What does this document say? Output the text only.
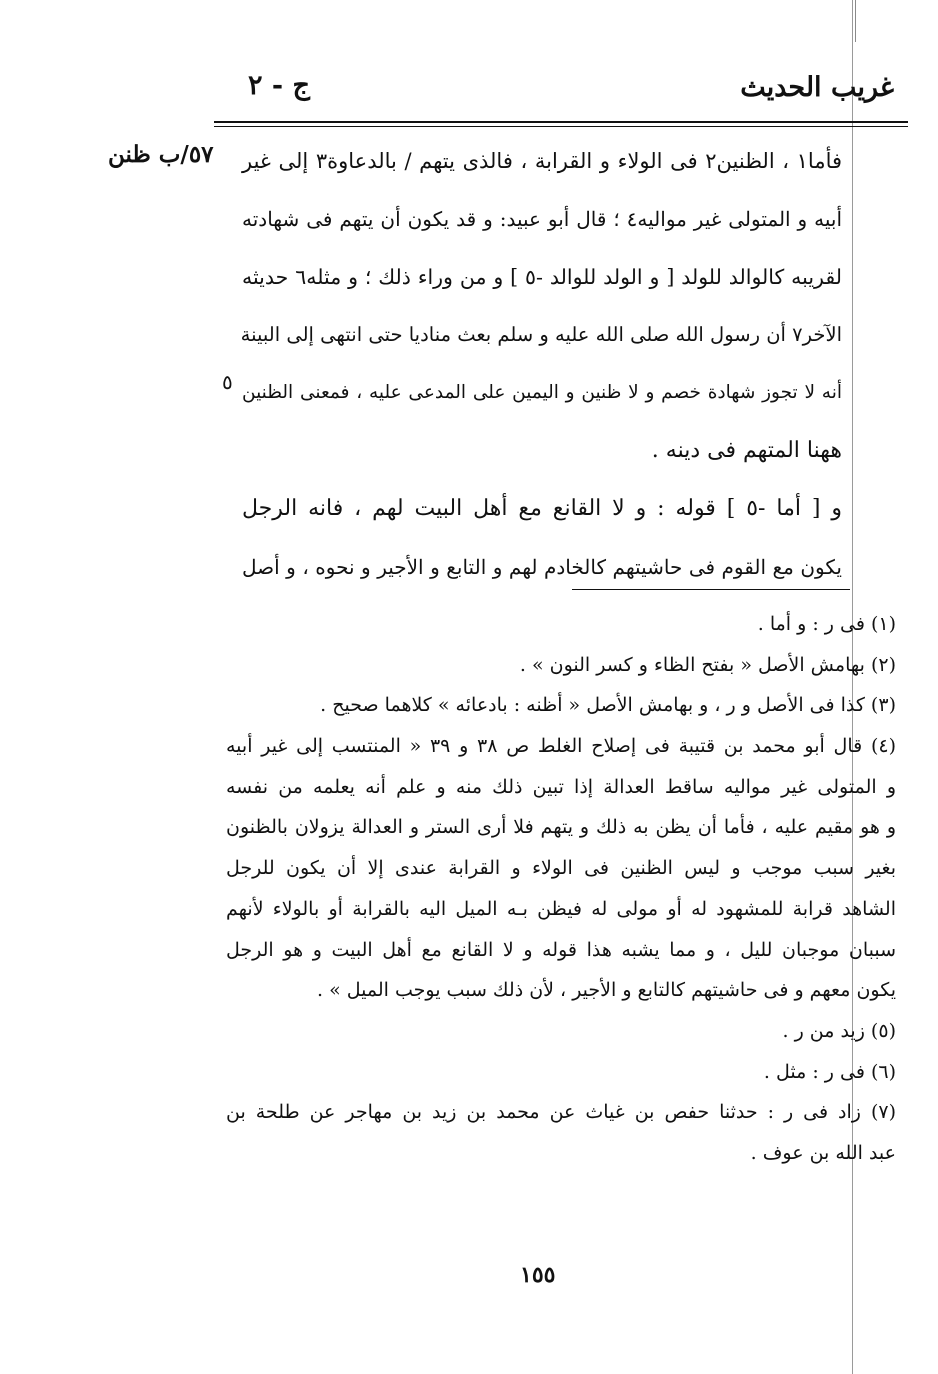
غريب الحديث
ج - ٢
٥٧/ب ظنن فأما١ ، الظنين٢ فى الولاء و القرابة ، فالذى يتهم / بالدعاوة٣ إلى غير
أبيه و المتولى غير مواليه٤ ؛ قال أبو عبيد: و قد يكون أن يتهم فى شهادته
لقريبه كالوالد للولد [ و الولد للوالد -٥ ] و من وراء ذلك ؛ و مثله٦ حديثه
الآخر٧ أن رسول الله صلى الله عليه و سلم بعث مناديا حتى انتهى إلى البينة
أنه لا تجوز شهادة خصم و لا ظنين و اليمين على المدعى عليه ، فمعنى الظنين
ههنا المتهم فى دينه .
و [ أما -٥ ] قوله : و لا القانع مع أهل البيت لهم ، فانه الرجل
يكون مع القوم فى حاشيتهم كالخادم لهم و التابع و الأجير و نحوه ، و أصل
٥
(١) فى ر : و أما .
(٢) بهامش الأصل « بفتح الظاء و كسر النون » .
(٣) كذا فى الأصل و ر ، و بهامش الأصل « أظنه : بادعائه » كلاهما صحيح .
(٤) قال أبو محمد بن قتيبة فى إصلاح الغلط ص ٣٨ و ٣٩ « المنتسب إلى غير أبيه
و المتولى غير مواليه ساقط العدالة إذا تبين ذلك منه و علم أنه يعلمه من نفسه
و هو مقيم عليه ، فأما أن يظن به ذلك و يتهم فلا أرى الستر و العدالة يزولان بالظنون
بغير سبب موجب و ليس الظنين فى الولاء و القرابة عندى إلا أن يكون للرجل
الشاهد قرابة للمشهود له أو مولى له فيظن بـه الميل اليه بالقرابة أو بالولاء لأنهم
سببان موجبان لليل ، و مما يشبه هذا قوله و لا القانع مع أهل البيت و هو الرجل
يكون معهم و فى حاشيتهم كالتابع و الأجير ، لأن ذلك سبب يوجب الميل » .
(٥) زيد من ر .
(٦) فى ر : مثل .
(٧) زاد فى ر : حدثنا حفص بن غياث عن محمد بن زيد بن مهاجر عن طلحة بن
عبد الله بن عوف .
١٥٥
